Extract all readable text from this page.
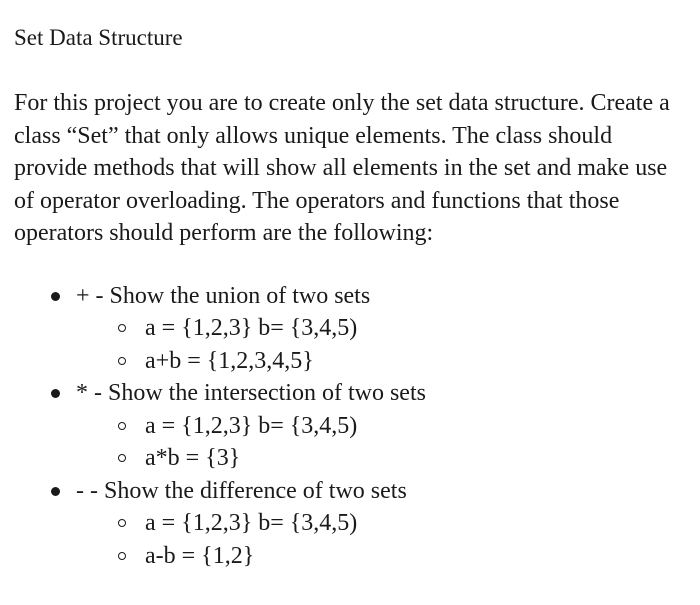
Set Data Structure

For this project you are to create only the set data structure. Create a class “Set” that only allows unique elements. The class should provide methods that will show all elements in the set and make use of operator overloading. The operators and functions that those operators should perform are the following:

+ - Show the union of two sets
a = {1,2,3} b= {3,4,5)
a+b = {1,2,3,4,5}
* - Show the intersection of two sets
a = {1,2,3} b= {3,4,5)
a*b = {3}
- - Show the difference of two sets
a = {1,2,3} b= {3,4,5)
a-b = {1,2}
